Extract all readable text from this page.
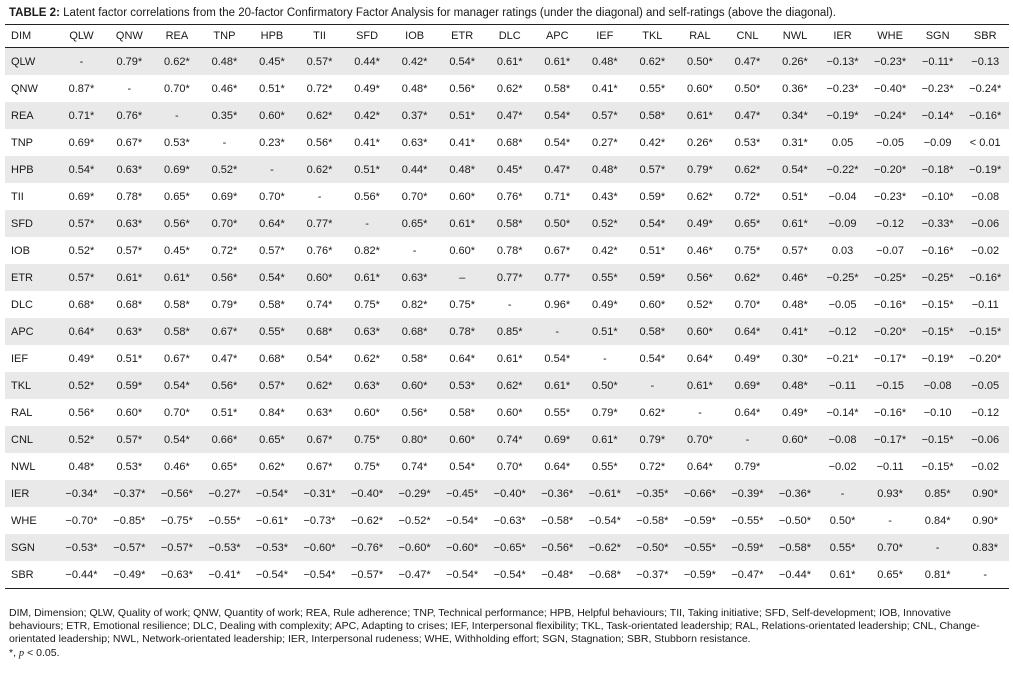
TABLE 2: Latent factor correlations from the 20-factor Confirmatory Factor Analysis for manager ratings (under the diagonal) and self-ratings (above the diagonal).
DIM	QLW	QNW	REA	TNP	HPB	TII	SFD	IOB	ETR	DLC	APC	IEF	TKL	RAL	CNL	NWL	IER	WHE	SGN	SBR
QLW	-	0.79*	0.62*	0.48*	0.45*	0.57*	0.44*	0.42*	0.54*	0.61*	0.61*	0.48*	0.62*	0.50*	0.47*	0.26*	−0.13*	−0.23*	−0.11*	−0.13
QNW	0.87*	-	0.70*	0.46*	0.51*	0.72*	0.49*	0.48*	0.56*	0.62*	0.58*	0.41*	0.55*	0.60*	0.50*	0.36*	−0.23*	−0.40*	−0.23*	−0.24*
REA	0.71*	0.76*	-	0.35*	0.60*	0.62*	0.42*	0.37*	0.51*	0.47*	0.54*	0.57*	0.58*	0.61*	0.47*	0.34*	−0.19*	−0.24*	−0.14*	−0.16*
TNP	0.69*	0.67*	0.53*	-	0.23*	0.56*	0.41*	0.63*	0.41*	0.68*	0.54*	0.27*	0.42*	0.26*	0.53*	0.31*	0.05	−0.05	−0.09	< 0.01
HPB	0.54*	0.63*	0.69*	0.52*	-	0.62*	0.51*	0.44*	0.48*	0.45*	0.47*	0.48*	0.57*	0.79*	0.62*	0.54*	−0.22*	−0.20*	−0.18*	−0.19*
TII	0.69*	0.78*	0.65*	0.69*	0.70*	-	0.56*	0.70*	0.60*	0.76*	0.71*	0.43*	0.59*	0.62*	0.72*	0.51*	−0.04	−0.23*	−0.10*	−0.08
SFD	0.57*	0.63*	0.56*	0.70*	0.64*	0.77*	-	0.65*	0.61*	0.58*	0.50*	0.52*	0.54*	0.49*	0.65*	0.61*	−0.09	−0.12	−0.33*	−0.06
IOB	0.52*	0.57*	0.45*	0.72*	0.57*	0.76*	0.82*	-	0.60*	0.78*	0.67*	0.42*	0.51*	0.46*	0.75*	0.57*	0.03	−0.07	−0.16*	−0.02
ETR	0.57*	0.61*	0.61*	0.56*	0.54*	0.60*	0.61*	0.63*	–	0.77*	0.77*	0.55*	0.59*	0.56*	0.62*	0.46*	−0.25*	−0.25*	−0.25*	−0.16*
DLC	0.68*	0.68*	0.58*	0.79*	0.58*	0.74*	0.75*	0.82*	0.75*	-	0.96*	0.49*	0.60*	0.52*	0.70*	0.48*	−0.05	−0.16*	−0.15*	−0.11
APC	0.64*	0.63*	0.58*	0.67*	0.55*	0.68*	0.63*	0.68*	0.78*	0.85*	-	0.51*	0.58*	0.60*	0.64*	0.41*	−0.12	−0.20*	−0.15*	−0.15*
IEF	0.49*	0.51*	0.67*	0.47*	0.68*	0.54*	0.62*	0.58*	0.64*	0.61*	0.54*	-	0.54*	0.64*	0.49*	0.30*	−0.21*	−0.17*	−0.19*	−0.20*
TKL	0.52*	0.59*	0.54*	0.56*	0.57*	0.62*	0.63*	0.60*	0.53*	0.62*	0.61*	0.50*	-	0.61*	0.69*	0.48*	−0.11	−0.15	−0.08	−0.05
RAL	0.56*	0.60*	0.70*	0.51*	0.84*	0.63*	0.60*	0.56*	0.58*	0.60*	0.55*	0.79*	0.62*	-	0.64*	0.49*	−0.14*	−0.16*	−0.10	−0.12
CNL	0.52*	0.57*	0.54*	0.66*	0.65*	0.67*	0.75*	0.80*	0.60*	0.74*	0.69*	0.61*	0.79*	0.70*	-	0.60*	−0.08	−0.17*	−0.15*	−0.06
NWL	0.48*	0.53*	0.46*	0.65*	0.62*	0.67*	0.75*	0.74*	0.54*	0.70*	0.64*	0.55*	0.72*	0.64*	0.79*		−0.02	−0.11	−0.15*	−0.02
IER	−0.34*	−0.37*	−0.56*	−0.27*	−0.54*	−0.31*	−0.40*	−0.29*	−0.45*	−0.40*	−0.36*	−0.61*	−0.35*	−0.66*	−0.39*	−0.36*	-	0.93*	0.85*	0.90*
WHE	−0.70*	−0.85*	−0.75*	−0.55*	−0.61*	−0.73*	−0.62*	−0.52*	−0.54*	−0.63*	−0.58*	−0.54*	−0.58*	−0.59*	−0.55*	−0.50*	0.50*	-	0.84*	0.90*
SGN	−0.53*	−0.57*	−0.57*	−0.53*	−0.53*	−0.60*	−0.76*	−0.60*	−0.60*	−0.65*	−0.56*	−0.62*	−0.50*	−0.55*	−0.59*	−0.58*	0.55*	0.70*	-	0.83*
SBR	−0.44*	−0.49*	−0.63*	−0.41*	−0.54*	−0.54*	−0.57*	−0.47*	−0.54*	−0.54*	−0.48*	−0.68*	−0.37*	−0.59*	−0.47*	−0.44*	0.61*	0.65*	0.81*	-

DIM, Dimension; QLW, Quality of work; QNW, Quantity of work; REA, Rule adherence; TNP, Technical performance; HPB, Helpful behaviours; TII, Taking initiative; SFD, Self-development; IOB, Innovative behaviours; ETR, Emotional resilience; DLC, Dealing with complexity; APC, Adapting to crises; IEF, Interpersonal flexibility; TKL, Task-orientated leadership; RAL, Relations-orientated leadership; CNL, Change-orientated leadership; NWL, Network-orientated leadership; IER, Interpersonal rudeness; WHE, Withholding effort; SGN, Stagnation; SBR, Stubborn resistance.

*, p < 0.05.
